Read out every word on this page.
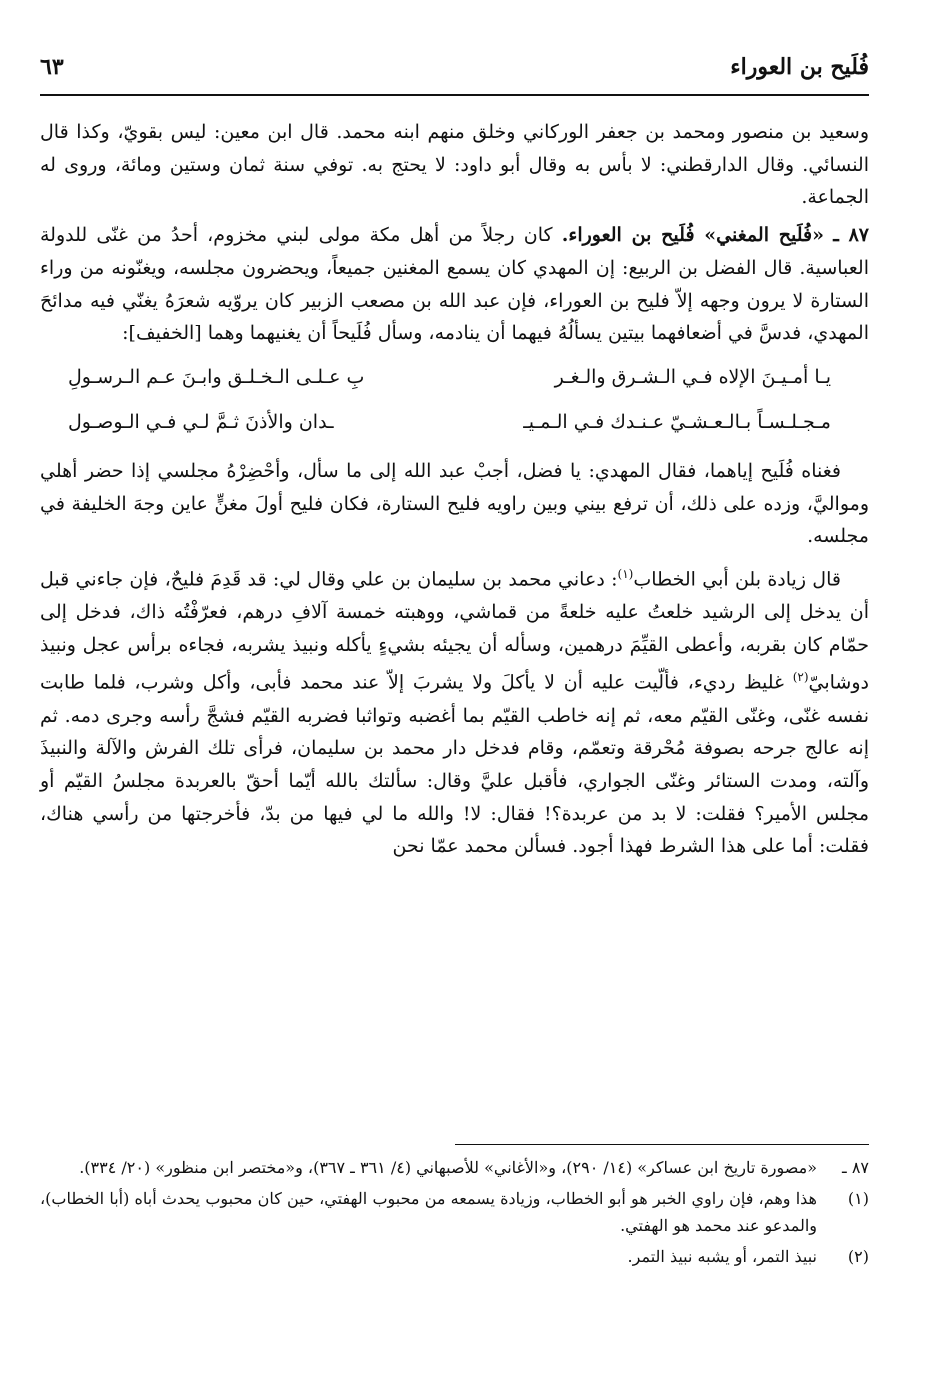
فُلَيح بن العوراء
٦٣

وسعيد بن منصور ومحمد بن جعفر الوركاني وخلق منهم ابنه محمد. قال ابن معين: ليس بقويّ، وكذا قال النسائي. وقال الدارقطني: لا بأس به وقال أبو داود: لا يحتج به. توفي سنة ثمان وستين ومائة، وروى له الجماعة.

٨٧ ـ «فُلَيح المغني» فُلَيح بن العوراء. كان رجلاً من أهل مكة مولى لبني مخزوم، أحدُ من غنّى للدولة العباسية. قال الفضل بن الربيع: إن المهدي كان يسمع المغنين جميعاً، ويحضرون مجلسه، ويغنّونه من وراء الستارة لا يرون وجهه إلاّ فليح بن العوراء، فإن عبد الله بن مصعب الزبير كان يروّيه شعرَهُ يغنّي فيه مدائحَ المهدي، فدسَّ في أضعافهما بيتين يسألُهُ فيهما أن ينادمه، وسأل فُلَيحاً أن يغنيهما وهما [الخفيف]:

يـا أمـيـنَ الإلاه فـي الـشـرق والـغـر
بِ عـلـى الـخـلـق وابـنَ عـم الـرسـولِ
مـجـلـسـاً بـالـعـشـيّ عـنـدك فـي الـمـيـ
ـدان والأذنَ ثـمَّ لـي فـي الـوصـول

فغناه فُلَيح إياهما، فقال المهدي: يا فضل، أجبْ عبد الله إلى ما سأل، وأحْضِرْهُ مجلسي إذا حضر أهلي ومواليَّ، وزده على ذلك، أن ترفع بيني وبين راويه فليح الستارة، فكان فليح أولَ مغنٍّ عاين وجهَ الخليفة في مجلسه.

قال زيادة بلن أبي الخطاب$^{(١)}$: دعاني محمد بن سليمان بن علي وقال لي: قد قَدِمَ فليحٌ، فإن جاءني قبل أن يدخل إلى الرشيد خلعتُ عليه خلعةً من قماشي، ووهبته خمسة آلافِ درهم، فعرّفْتُه ذاك، فدخل إلى حمّام كان بقربه، وأعطى القيِّمَ درهمين، وسأله أن يجيئه بشيءٍ يأكله ونبيذ يشربه، فجاءه برأس عجل ونبيذ دوشابيّ$^{(٢)}$ غليظ رديء، فألّيت عليه أن لا يأكلَ ولا يشربَ إلاّ عند محمد فأبى، وأكل وشرب، فلما طابت نفسه غنّى، وغنّى القيّم معه، ثم إنه خاطب القيّم بما أغضبه وتواثبا فضربه القيّم فشجَّ رأسه وجرى دمه. ثم إنه عالج جرحه بصوفة مُحْرقة وتعمّم، وقام فدخل دار محمد بن سليمان، فرأى تلك الفرش والآلة والنبيذَ وآلته، ومدت الستائر وغنّى الجواري، فأقبل عليَّ وقال: سألتك بالله أيّما أحقّ بالعربدة مجلسُ القيّم أو مجلس الأمير؟ فقلت: لا بد من عربدة؟! فقال: لا! والله ما لي فيها من بدّ، فأخرجتها من رأسي هناك، فقلت: أما على هذا الشرط فهذا أجود. فسألن محمد عمّا نحن

٨٧ ـ
«مصورة تاريخ ابن عساكر» (١٤/ ٢٩٠)، و«الأغاني» للأصبهاني (٤/ ٣٦١ ـ ٣٦٧)، و«مختصر ابن منظور» (٢٠/ ٣٣٤).
(١)
هذا وهم، فإن راوي الخبر هو أبو الخطاب، وزيادة يسمعه من محبوب الهفتي، حين كان محبوب يحدث أباه (أبا الخطاب)، والمدعو عند محمد هو الهفتي.
(٢)
نبيذ التمر، أو يشبه نبيذ التمر.
